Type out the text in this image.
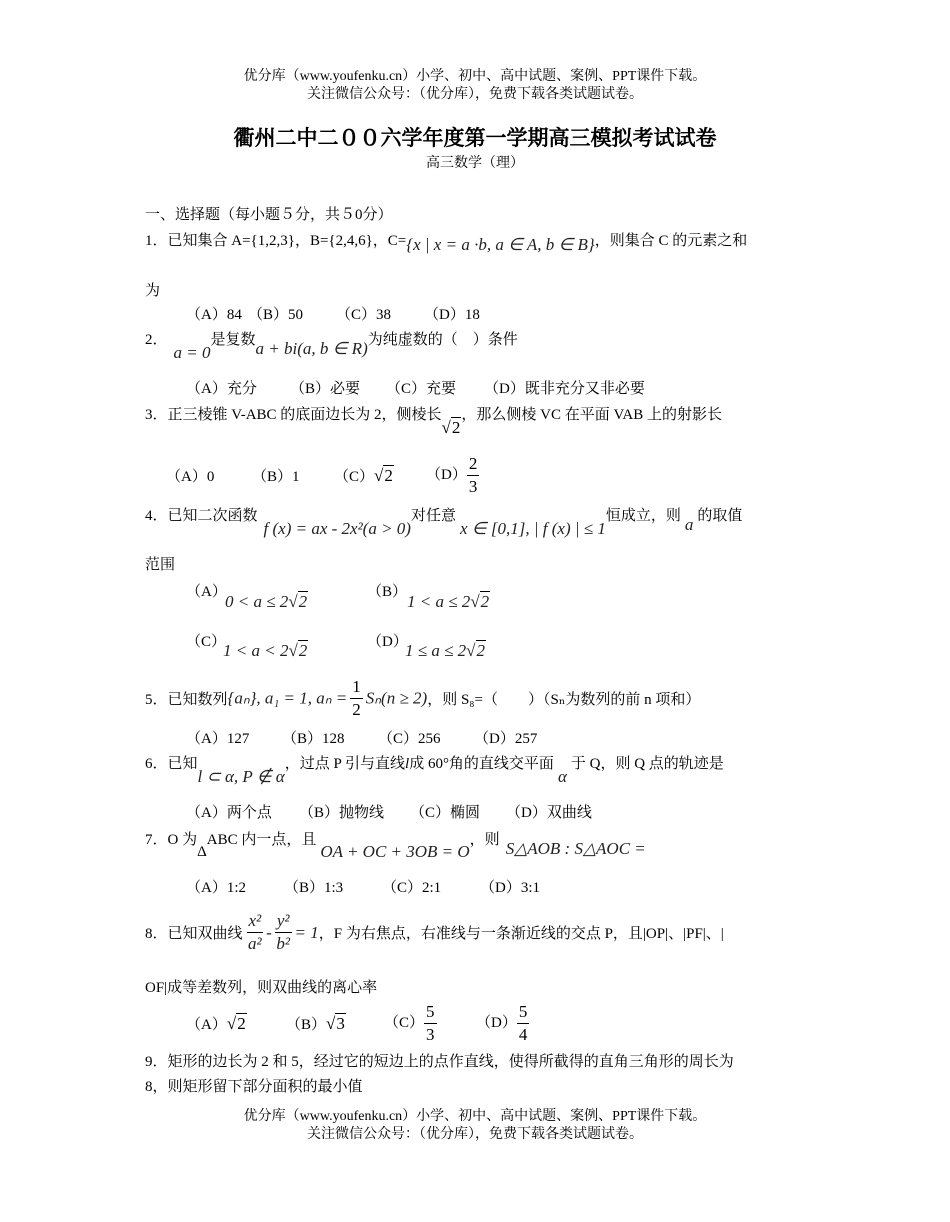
优分库（www.youfenku.cn）小学、初中、高中试题、案例、PPT课件下载。
关注微信公众号：（优分库），免费下载各类试题试卷。
衢州二中二００六学年度第一学期高三模拟考试试卷
高三数学（理）
一、选择题（每小题５分，共５0分）
1．已知集合 A={1,2,3}，B={2,4,6}，C={x | x = a ·b, a ∈ A, b ∈ B}，则集合 C 的元素之和
为
（A）84 （B）50 （C）38 （D）18
2．a = 0是复数a + bi(a, b ∈ R)为纯虚数的（　）条件
（A）充分 （B）必要 （C）充要 （D）既非充分又非必要
3．正三棱锥 V-ABC 的底面边长为 2，侧棱长√2，那么侧棱 VC 在平面 VAB 上的射影长
（A）0	（B）1 （C）√2 $(D) \frac{2}{3}$
4．已知二次函数f (x) = ax - 2x²(a > 0)对任意x ∈ [0,1], | f (x) | ≤ 1恒成立，则 a 的取值
范围
（A）
0 < a ≤ 2√2	（B） 1 < a ≤ 2√2
（C）
1 < a < 2√2	（D）
1 ≤ a ≤ 2√2
5．已知数列{aₙ}, a₁ = 1, $a_n = \frac{1}{2} S_n(n \ge 2)$，则 S₈=（　　）（Sₙ为数列的前 n 项和）
（A）127 （B）128 （C）256 （D）257
6．已知l ⊂ α, P ∉ α，过点 P 引与直线l成 60°角的直线交平面α于 Q，则 Q 点的轨迹是
（A）两个点 （B）抛物线 （C）椭圆 （D）双曲线
7．O 为ΔABC 内一点，且OA + OC + 3OB = O，则 S△AOB : S△AOC =
（A）1:2	（B）1:3	（C）2:1	（D）3:1
8．已知双曲线 $\frac{\text{x²}}{\text{a²}} - \frac{\text{y²}}{\text{b²}} = 1$，F 为右焦点，右准线与一条渐近线的交点 P，且|OP|、|PF|、|
OF|成等差数列，则双曲线的离心率
（A）√2	（B）√3	$(C) \frac{5}{3}$	$(D) \frac{5}{4}$
9．矩形的边长为 2 和 5，经过它的短边上的点作直线，使得所截得的直角三角形的周长为
8，则矩形留下部分面积的最小值
优分库（www.youfenku.cn）小学、初中、高中试题、案例、PPT课件下载。
关注微信公众号：（优分库），免费下载各类试题试卷。
